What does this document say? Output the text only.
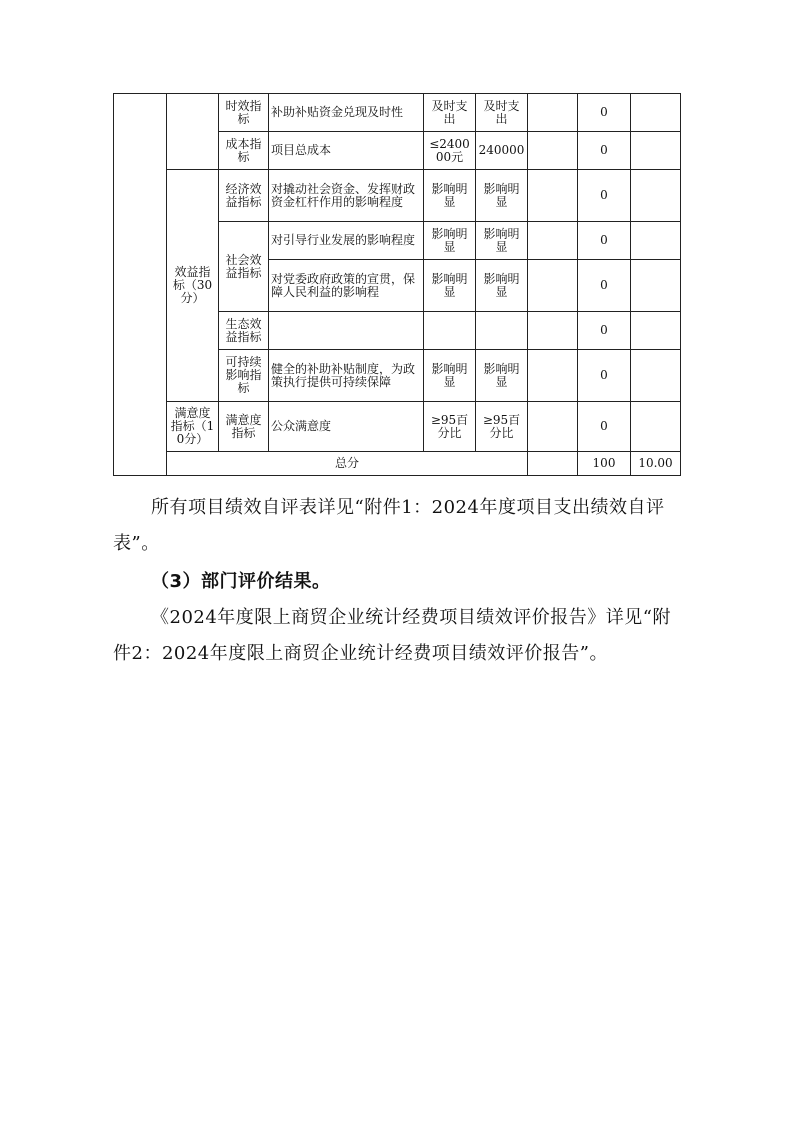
		时效指标	补助补贴资金兑现及时性	及时支出	及时支出		0		
		成本指标	项目总成本	≤240000元	240000		0		
	效益指标（30分）	经济效益指标	对撬动社会资金、发挥财政资金杠杆作用的影响程度	影响明显	影响明显		0		
		社会效益指标	对引导行业发展的影响程度	影响明显	影响明显		0		
			对党委政府政策的宣贯，保障人民利益的影响程	影响明显	影响明显		0		
		生态效益指标					0		
		可持续影响指标	健全的补助补贴制度，为政策执行提供可持续保障	影响明显	影响明显		0		
	满意度指标（10分）	满意度指标	公众满意度	≥95百分比	≥95百分比		0		
	总分						100	10.00	

所有项目绩效自评表详见“附件1：2024年度项目支出绩效自评表”。

（3）部门评价结果。

《2024年度限上商贸企业统计经费项目绩效评价报告》详见“附件2：2024年度限上商贸企业统计经费项目绩效评价报告”。
